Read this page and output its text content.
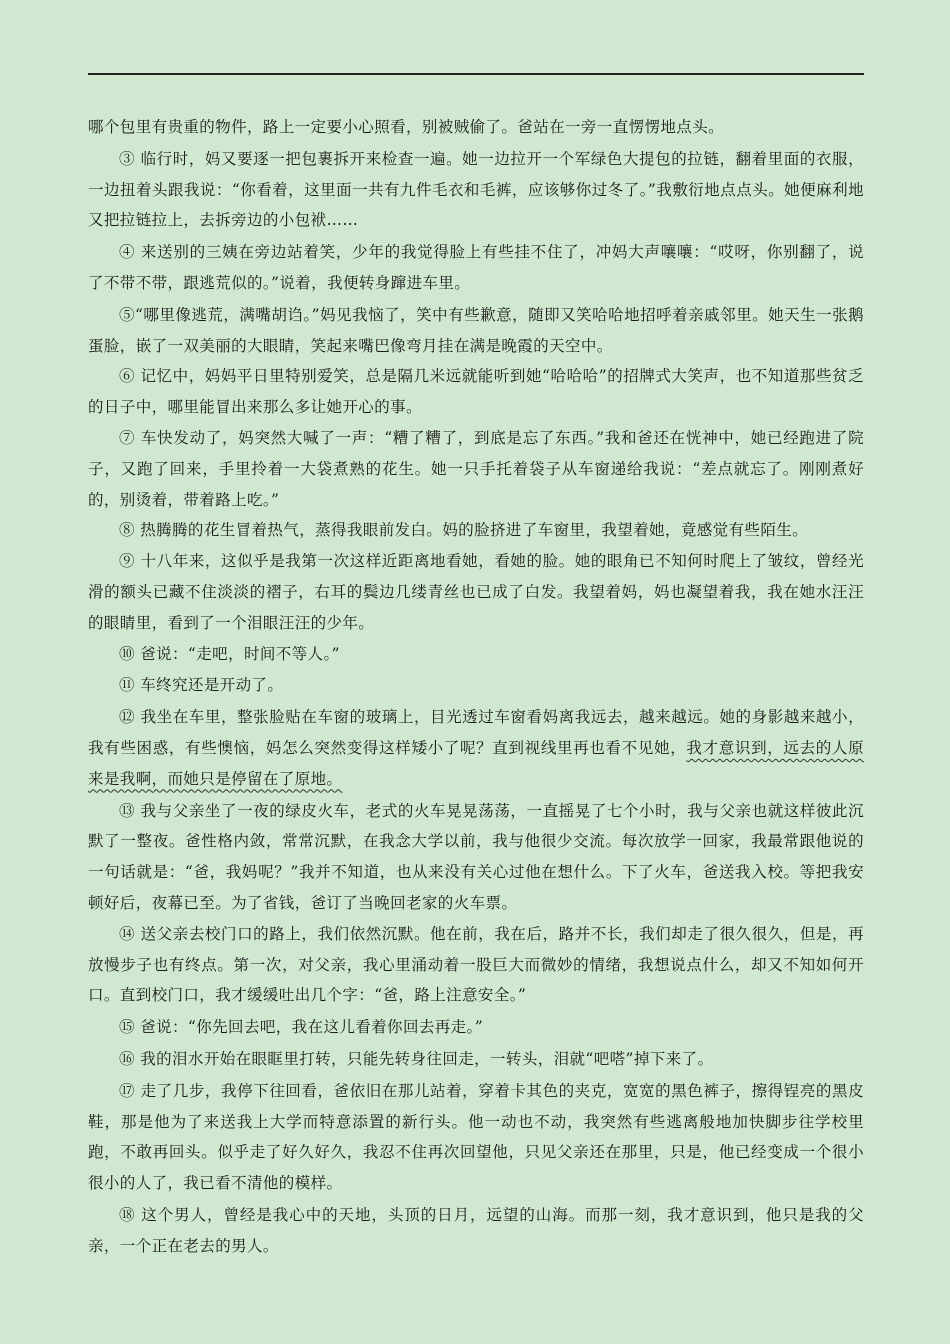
哪个包里有贵重的物件，路上一定要小心照看，别被贼偷了。爸站在一旁一直愣愣地点头。

③ 临行时，妈又要逐一把包裹拆开来检查一遍。她一边拉开一个军绿色大提包的拉链，翻着里面的衣服，一边扭着头跟我说：“你看着，这里面一共有九件毛衣和毛裤，应该够你过冬了。”我敷衍地点点头。她便麻利地又把拉链拉上，去拆旁边的小包袱……

④ 来送别的三姨在旁边站着笑，少年的我觉得脸上有些挂不住了，冲妈大声嚷嚷：“哎呀，你别翻了，说了不带不带，跟逃荒似的。”说着，我便转身蹿进车里。

⑤“哪里像逃荒，满嘴胡诌。”妈见我恼了，笑中有些歉意，随即又笑哈哈地招呼着亲戚邻里。她天生一张鹅蛋脸，嵌了一双美丽的大眼睛，笑起来嘴巴像弯月挂在满是晚霞的天空中。

⑥ 记忆中，妈妈平日里特别爱笑，总是隔几米远就能听到她“哈哈哈”的招牌式大笑声，也不知道那些贫乏的日子中，哪里能冒出来那么多让她开心的事。

⑦ 车快发动了，妈突然大喊了一声：“糟了糟了，到底是忘了东西。”我和爸还在恍神中，她已经跑进了院子，又跑了回来，手里拎着一大袋煮熟的花生。她一只手托着袋子从车窗递给我说：“差点就忘了。刚刚煮好的，别烫着，带着路上吃。”

⑧ 热腾腾的花生冒着热气，蒸得我眼前发白。妈的脸挤进了车窗里，我望着她，竟感觉有些陌生。

⑨ 十八年来，这似乎是我第一次这样近距离地看她，看她的脸。她的眼角已不知何时爬上了皱纹，曾经光滑的额头已藏不住淡淡的褶子，右耳的鬓边几缕青丝也已成了白发。我望着妈，妈也凝望着我，我在她水汪汪的眼睛里，看到了一个泪眼汪汪的少年。

⑩ 爸说：“走吧，时间不等人。”

⑪ 车终究还是开动了。

⑫ 我坐在车里，整张脸贴在车窗的玻璃上，目光透过车窗看妈离我远去，越来越远。她的身影越来越小，我有些困惑，有些懊恼，妈怎么突然变得这样矮小了呢？直到视线里再也看不见她，我才意识到，远去的人原来是我啊，而她只是停留在了原地。

⑬ 我与父亲坐了一夜的绿皮火车，老式的火车晃晃荡荡，一直摇晃了七个小时，我与父亲也就这样彼此沉默了一整夜。爸性格内敛，常常沉默，在我念大学以前，我与他很少交流。每次放学一回家，我最常跟他说的一句话就是：“爸，我妈呢？”我并不知道，也从来没有关心过他在想什么。下了火车，爸送我入校。等把我安顿好后，夜幕已至。为了省钱，爸订了当晚回老家的火车票。

⑭ 送父亲去校门口的路上，我们依然沉默。他在前，我在后，路并不长，我们却走了很久很久，但是，再放慢步子也有终点。第一次，对父亲，我心里涌动着一股巨大而微妙的情绪，我想说点什么，却又不知如何开口。直到校门口，我才缓缓吐出几个字：“爸，路上注意安全。”

⑮ 爸说：“你先回去吧，我在这儿看着你回去再走。”

⑯ 我的泪水开始在眼眶里打转，只能先转身往回走，一转头，泪就“吧嗒”掉下来了。

⑰ 走了几步，我停下往回看，爸依旧在那儿站着，穿着卡其色的夹克，宽宽的黑色裤子，擦得锃亮的黑皮鞋，那是他为了来送我上大学而特意添置的新行头。他一动也不动，我突然有些逃离般地加快脚步往学校里跑，不敢再回头。似乎走了好久好久，我忍不住再次回望他，只见父亲还在那里，只是，他已经变成一个很小很小的人了，我已看不清他的模样。

⑱ 这个男人，曾经是我心中的天地，头顶的日月，远望的山海。而那一刻，我才意识到，他只是我的父亲，一个正在老去的男人。
